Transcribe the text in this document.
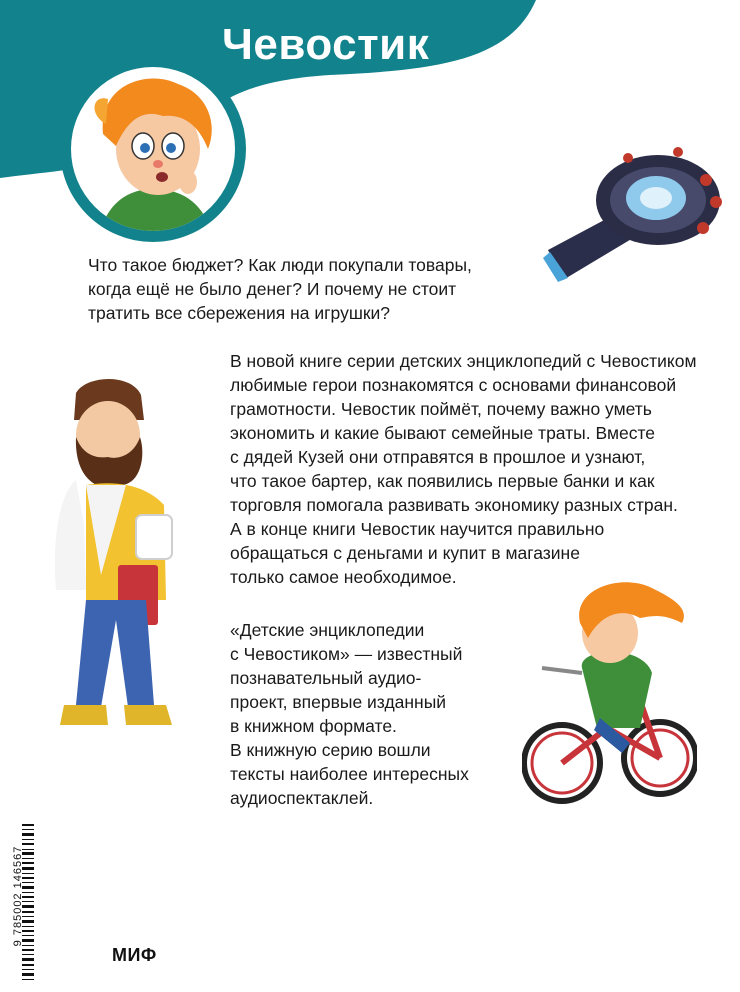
Чевостик

Что такое бюджет? Как люди покупали товары,

когда ещё не было денег? И почему не стоит

тратить все сбережения на игрушки?

В новой книге серии детских энциклопедий с Чевостиком

любимые герои познакомятся с основами финансовой

грамотности. Чевостик поймёт, почему важно уметь

экономить и какие бывают семейные траты. Вместе

с дядей Кузей они отправятся в прошлое и узнают,

что такое бартер, как появились первые банки и как

торговля помогала развивать экономику разных стран.

А в конце книги Чевостик научится правильно

обращаться с деньгами и купит в магазине

только самое необходимое.

«Детские энциклопедии

с Чевостиком» — известный

познавательный аудио-

проект, впервые изданный

в книжном формате.

В книжную серию вошли

тексты наиболее интересных

аудиоспектаклей.

9 785002 146567
МИФ
